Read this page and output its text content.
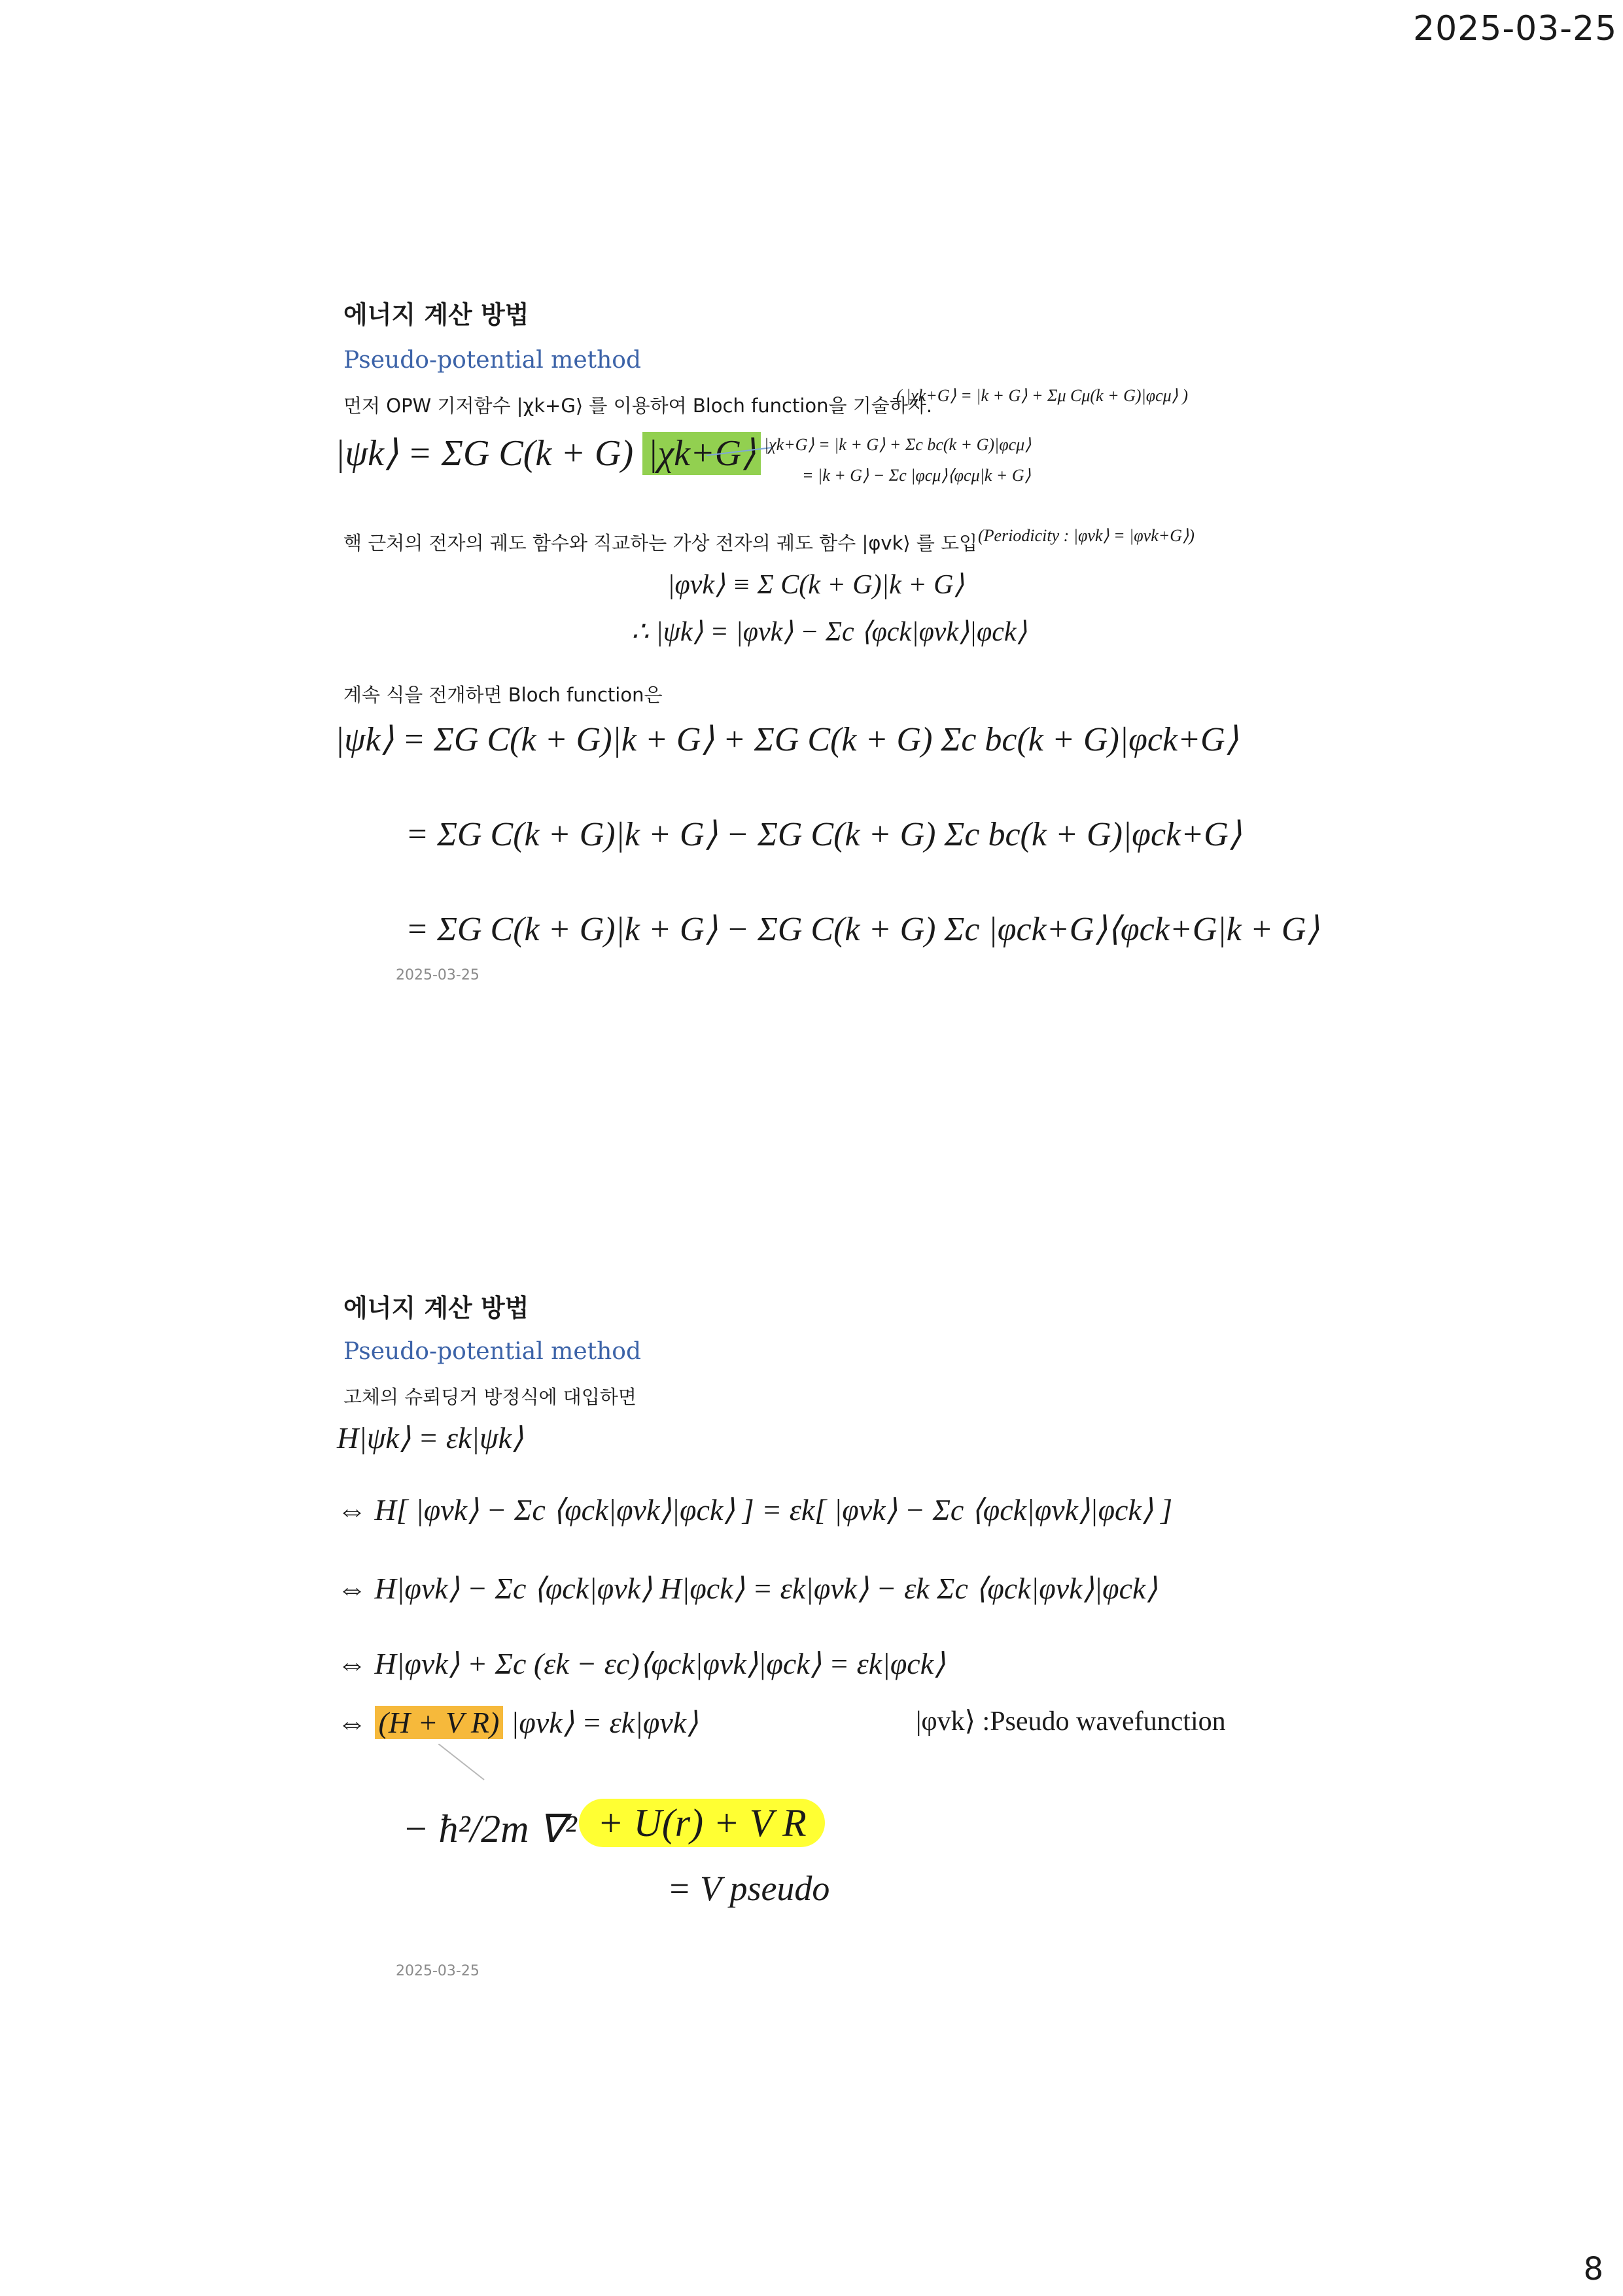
2025-03-25
에너지 계산 방법
Pseudo-potential method
먼저 OPW 기저함수 |χk+G⟩ 를 이용하여 Bloch function을 기술하자.
( |χk+G⟩ = |k + G⟩ + Σμ Cμ(k + G)|φcμ⟩ )
|ψk⟩ = ΣG C(k + G) |χk+G⟩ |χk+G⟩ = |k + G⟩ + Σc bc(k + G)|φcμ⟩
= |k + G⟩ − Σc |φcμ⟩⟨φcμ|k + G⟩
핵 근처의 전자의 궤도 함수와 직교하는 가상 전자의 궤도 함수 |φvk⟩ 를 도입 (Periodicity : |φvk⟩ = |φvk+G⟩)
|φvk⟩ ≡ Σ C(k + G)|k + G⟩
∴ |ψk⟩ = |φvk⟩ − Σc ⟨φck|φvk⟩|φck⟩
계속 식을 전개하면 Bloch function은
|ψk⟩ = ΣG C(k + G)|k + G⟩ + ΣG C(k + G) Σc bc(k + G)|φck+G⟩
= ΣG C(k + G)|k + G⟩ − ΣG C(k + G) Σc bc(k + G)|φck+G⟩
= ΣG C(k + G)|k + G⟩ − ΣG C(k + G) Σc |φck+G⟩⟨φck+G|k + G⟩
2025-03-25
에너지 계산 방법
Pseudo-potential method
고체의 슈뢰딩거 방정식에 대입하면
H|ψk⟩ = εk|ψk⟩
⇔ H[ |φvk⟩ − Σc ⟨φck|φvk⟩|φck⟩ ] = εk[ |φvk⟩ − Σc ⟨φck|φvk⟩|φck⟩ ]
⇔ H|φvk⟩ − Σc ⟨φck|φvk⟩ H|φck⟩ = εk|φvk⟩ − εk Σc ⟨φck|φvk⟩|φck⟩
⇔ H|φvk⟩ + Σc (εk − εc)⟨φck|φvk⟩|φck⟩ = εk|φck⟩
⇔ (H + V R) |φvk⟩ = εk|φvk⟩	|φvk⟩ :Pseudo wavefunction
− ħ²/2m ∇² + U(r) + V R
= V pseudo
2025-03-25
8
